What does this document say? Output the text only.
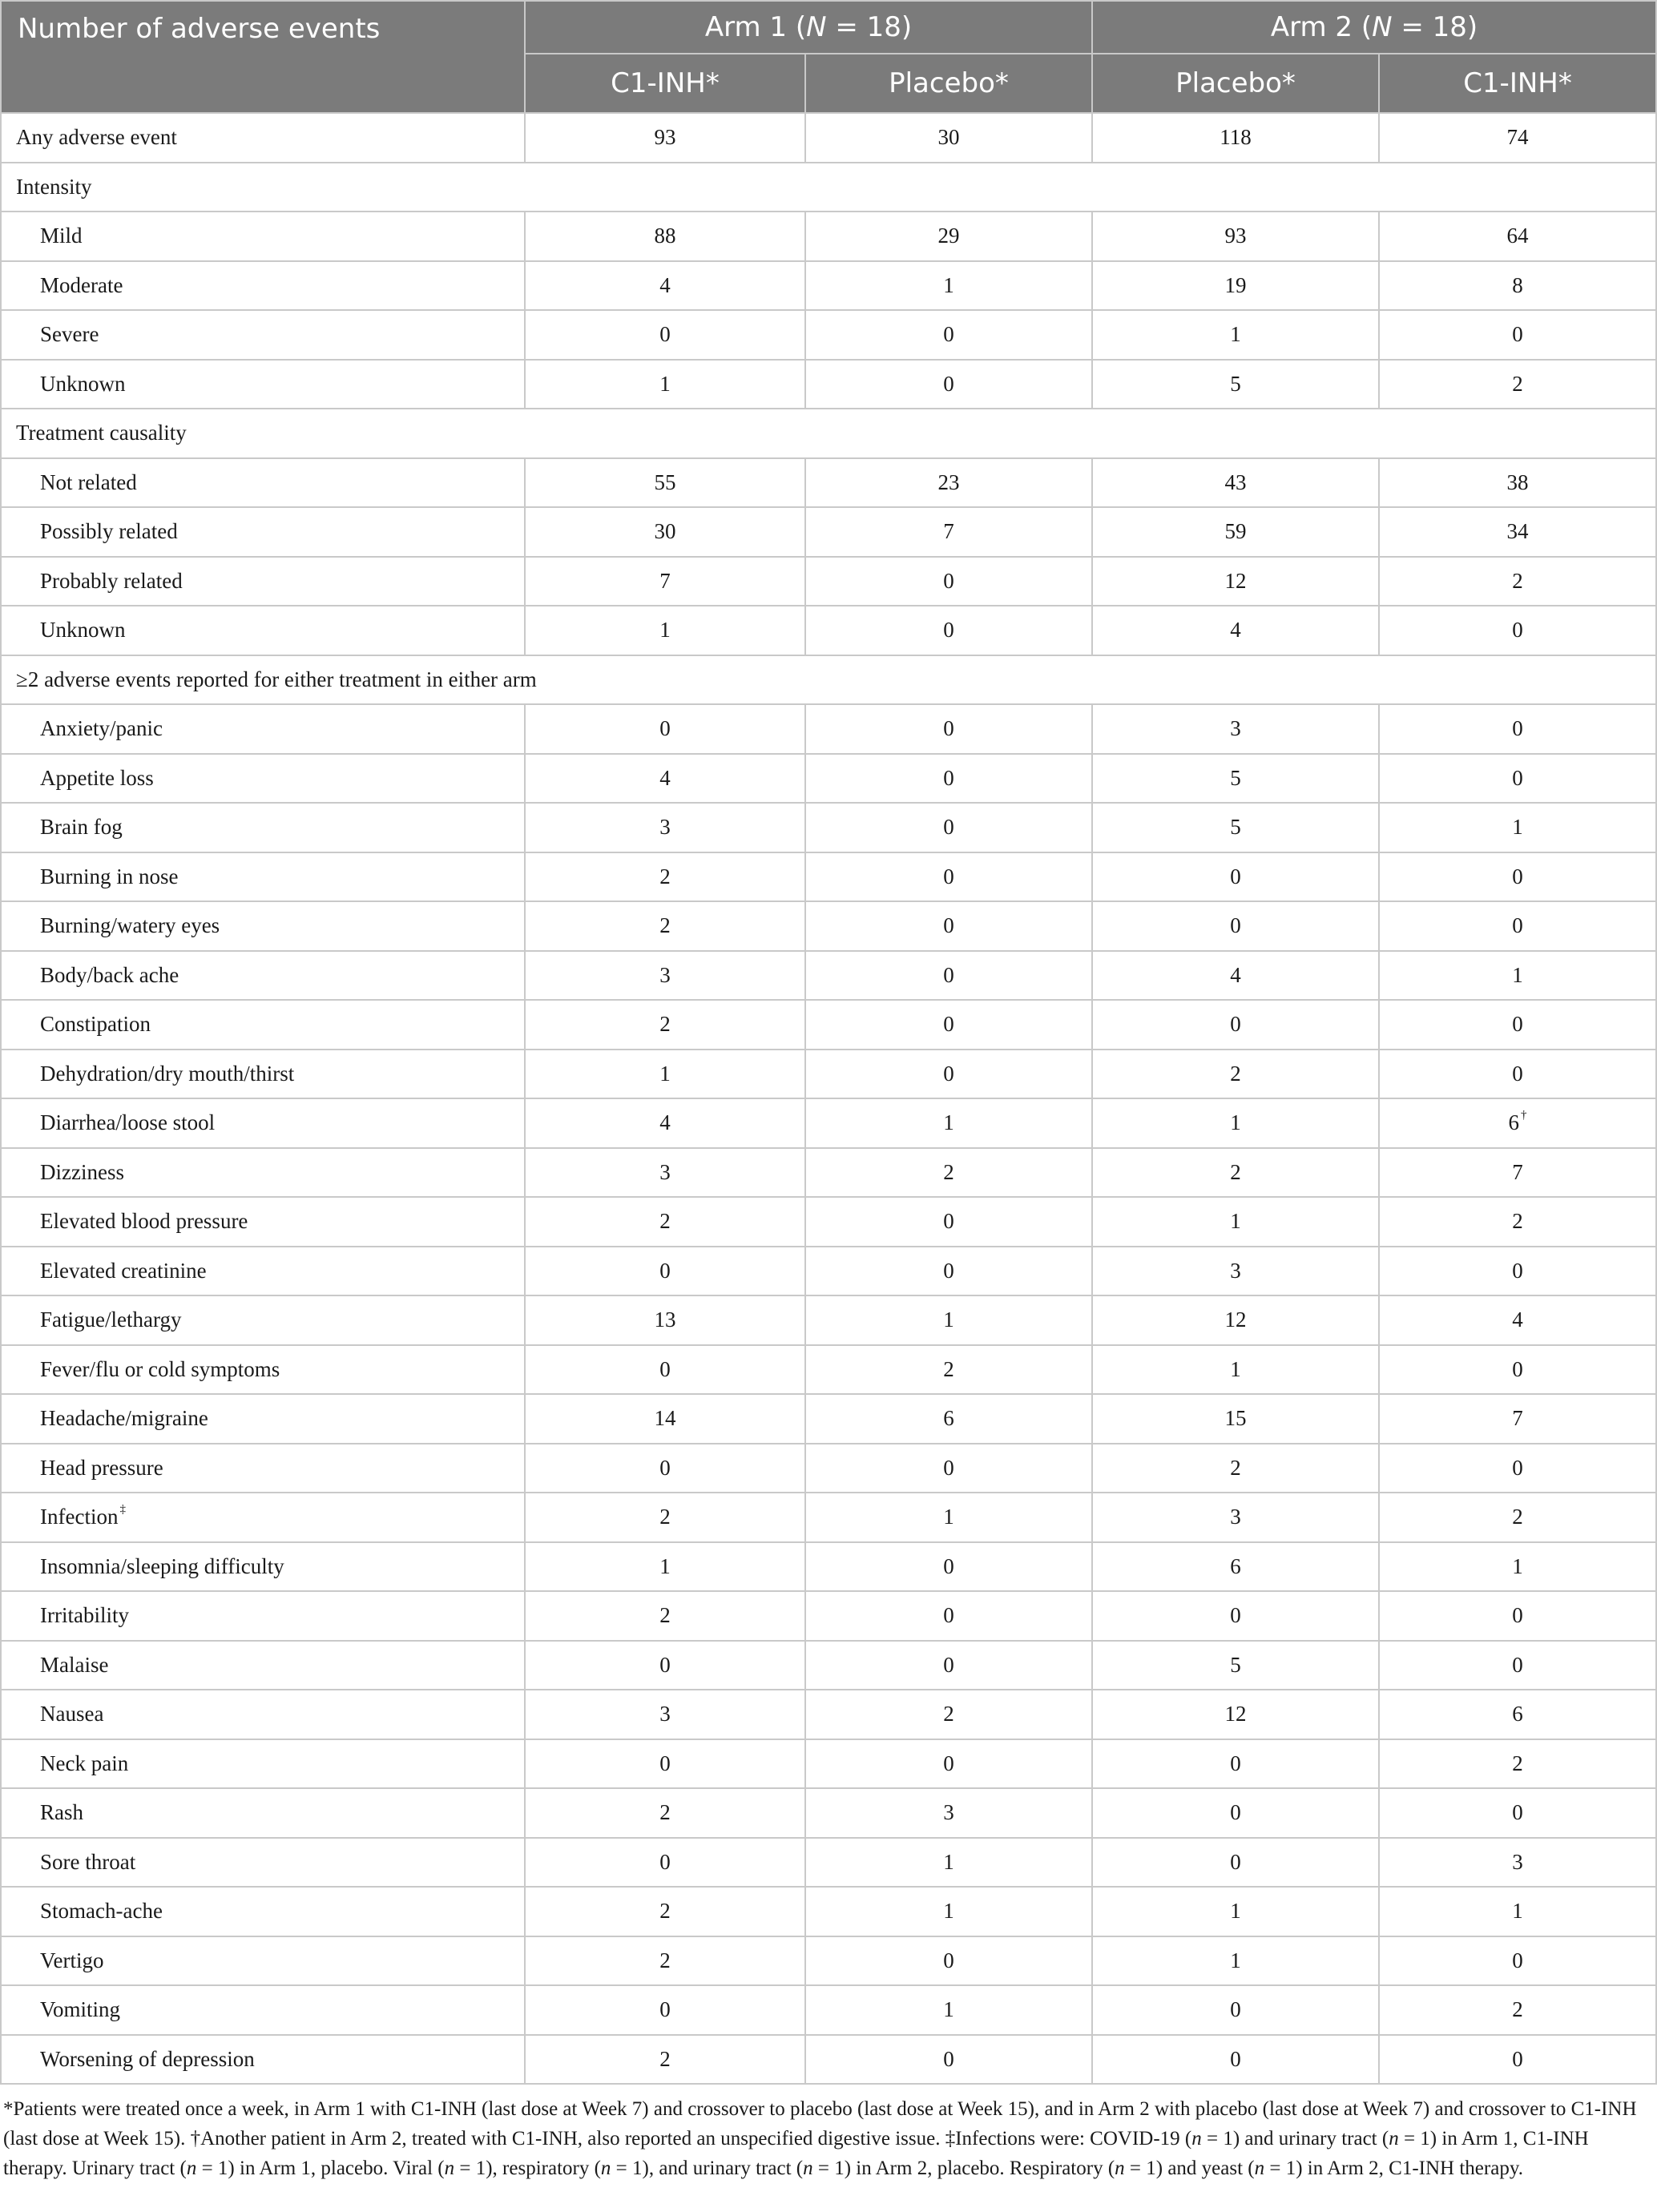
Number of adverse events	Arm 1 (N = 18)		Arm 2 (N = 18)	
	C1-INH*	Placebo*	Placebo*	C1-INH*
Any adverse event	93	30	118	74
Intensity				
Mild	88	29	93	64
Moderate	4	1	19	8
Severe	0	0	1	0
Unknown	1	0	5	2
Treatment causality				
Not related	55	23	43	38
Possibly related	30	7	59	34
Probably related	7	0	12	2
Unknown	1	0	4	0
≥2 adverse events reported for either treatment in either arm				
Anxiety/panic	0	0	3	0
Appetite loss	4	0	5	0
Brain fog	3	0	5	1
Burning in nose	2	0	0	0
Burning/watery eyes	2	0	0	0
Body/back ache	3	0	4	1
Constipation	2	0	0	0
Dehydration/dry mouth/thirst	1	0	2	0
Diarrhea/loose stool	4	1	1	6 †
Dizziness	3	2	2	7
Elevated blood pressure	2	0	1	2
Elevated creatinine	0	0	3	0
Fatigue/lethargy	13	1	12	4
Fever/flu or cold symptoms	0	2	1	0
Headache/migraine	14	6	15	7
Head pressure	0	0	2	0
Infection ‡	2	1	3	2
Insomnia/sleeping difficulty	1	0	6	1
Irritability	2	0	0	0
Malaise	0	0	5	0
Nausea	3	2	12	6
Neck pain	0	0	0	2
Rash	2	3	0	0
Sore throat	0	1	0	3
Stomach-ache	2	1	1	1
Vertigo	2	0	1	0
Vomiting	0	1	0	2
Worsening of depression	2	0	0	0
*Patients were treated once a week, in Arm 1 with C1-INH (last dose at Week 7) and crossover to placebo (last dose at Week 15), and in Arm 2 with placebo (last dose at Week 7) and crossover to C1-INH (last dose at Week 15). †Another patient in Arm 2, treated with C1-INH, also reported an unspecified digestive issue. ‡Infections were: COVID-19 (n = 1) and urinary tract (n = 1) in Arm 1, C1-INH therapy. Urinary tract (n = 1) in Arm 1, placebo. Viral (n = 1), respiratory (n = 1), and urinary tract (n = 1) in Arm 2, placebo. Respiratory (n = 1) and yeast (n = 1) in Arm 2, C1-INH therapy.
